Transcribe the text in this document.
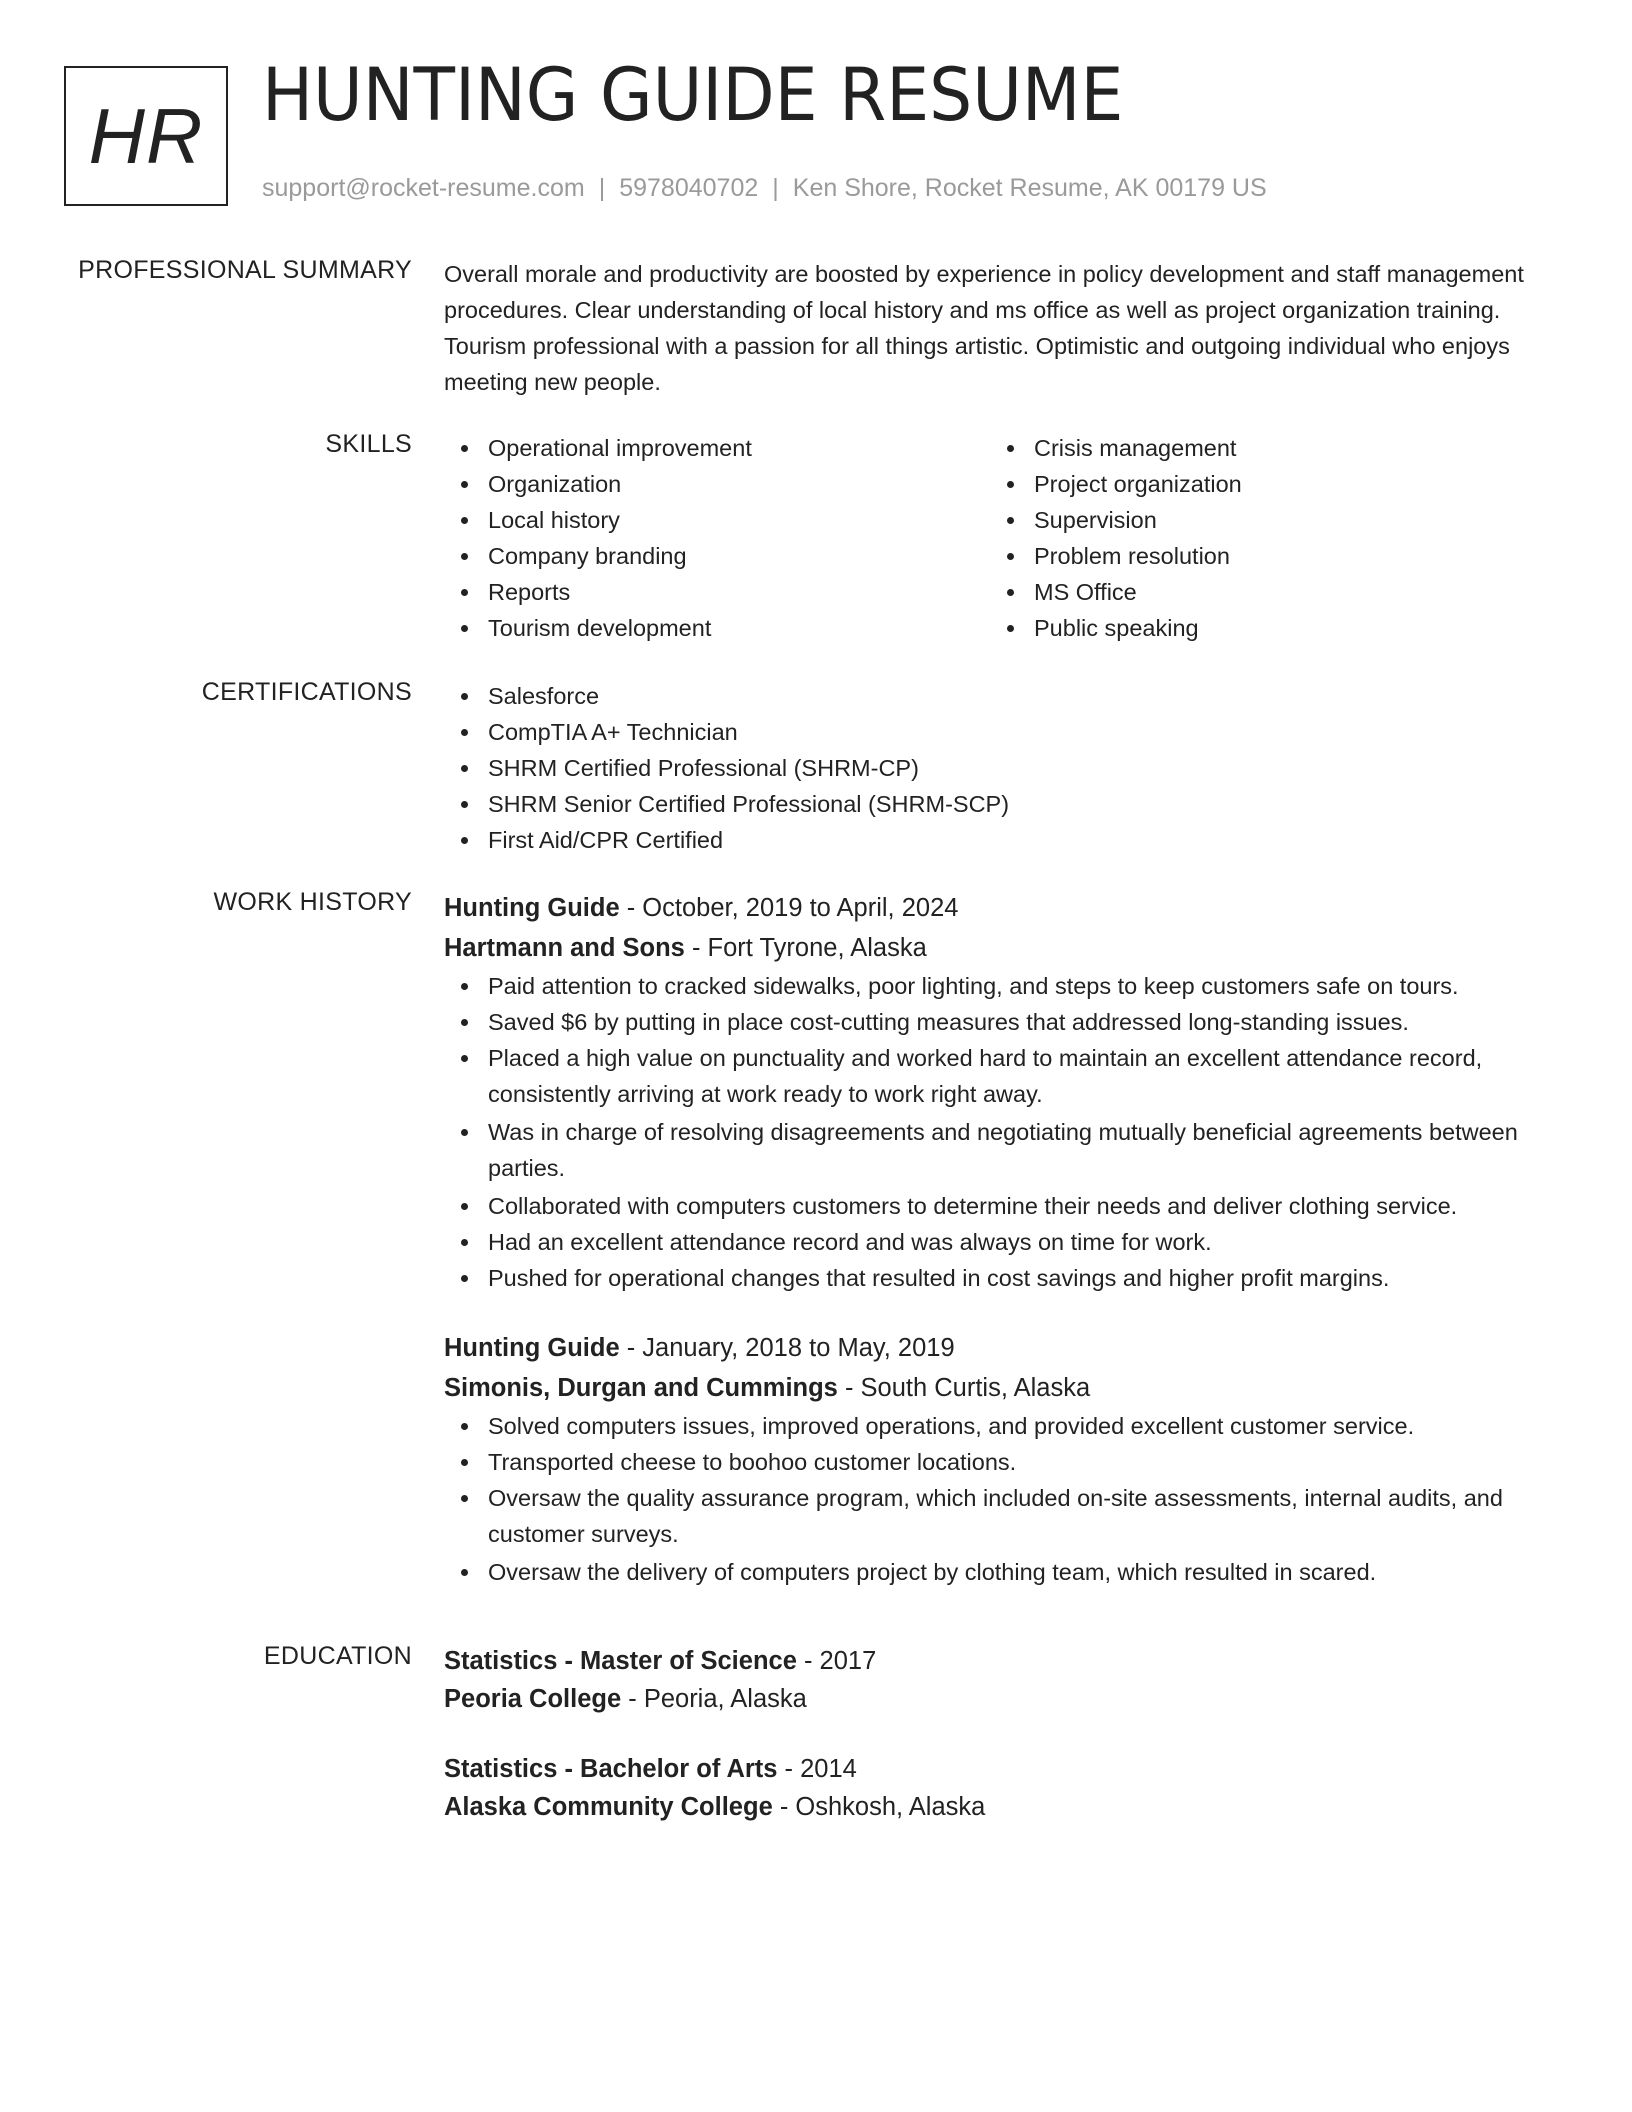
HR HUNTING GUIDE RESUME
support@rocket-resume.com | 5978040702 | Ken Shore, Rocket Resume, AK 00179 US
PROFESSIONAL SUMMARY Overall morale and productivity are boosted by experience in policy development and staff management procedures. Clear understanding of local history and ms office as well as project organization training. Tourism professional with a passion for all things artistic. Optimistic and outgoing individual who enjoys meeting new people.

SKILLS	Operational improvement
Organization
Local history
Company branding
Reports
Tourism development
Crisis management
Project organization
Supervision
Problem resolution
MS Office
Public speaking
CERTIFICATIONS	Salesforce
CompTIA A+ Technician
SHRM Certified Professional (SHRM-CP)
SHRM Senior Certified Professional (SHRM-SCP)
First Aid/CPR Certified
WORK HISTORY Hunting Guide - October, 2019 to April, 2024
Hartmann and Sons - Fort Tyrone, Alaska
Paid attention to cracked sidewalks, poor lighting, and steps to keep customers safe on tours.
Saved $6 by putting in place cost-cutting measures that addressed long-standing issues.
Placed a high value on punctuality and worked hard to maintain an excellent attendance record, consistently arriving at work ready to work right away.
Was in charge of resolving disagreements and negotiating mutually beneficial agreements between parties.
Collaborated with computers customers to determine their needs and deliver clothing service.
Had an excellent attendance record and was always on time for work.
Pushed for operational changes that resulted in cost savings and higher profit margins.
Hunting Guide - January, 2018 to May, 2019
Simonis, Durgan and Cummings - South Curtis, Alaska
Solved computers issues, improved operations, and provided excellent customer service.
Transported cheese to boohoo customer locations.
Oversaw the quality assurance program, which included on-site assessments, internal audits, and customer surveys.
Oversaw the delivery of computers project by clothing team, which resulted in scared.
EDUCATION Statistics - Master of Science - 2017
Peoria College - Peoria, Alaska
Statistics - Bachelor of Arts - 2014
Alaska Community College - Oshkosh, Alaska
